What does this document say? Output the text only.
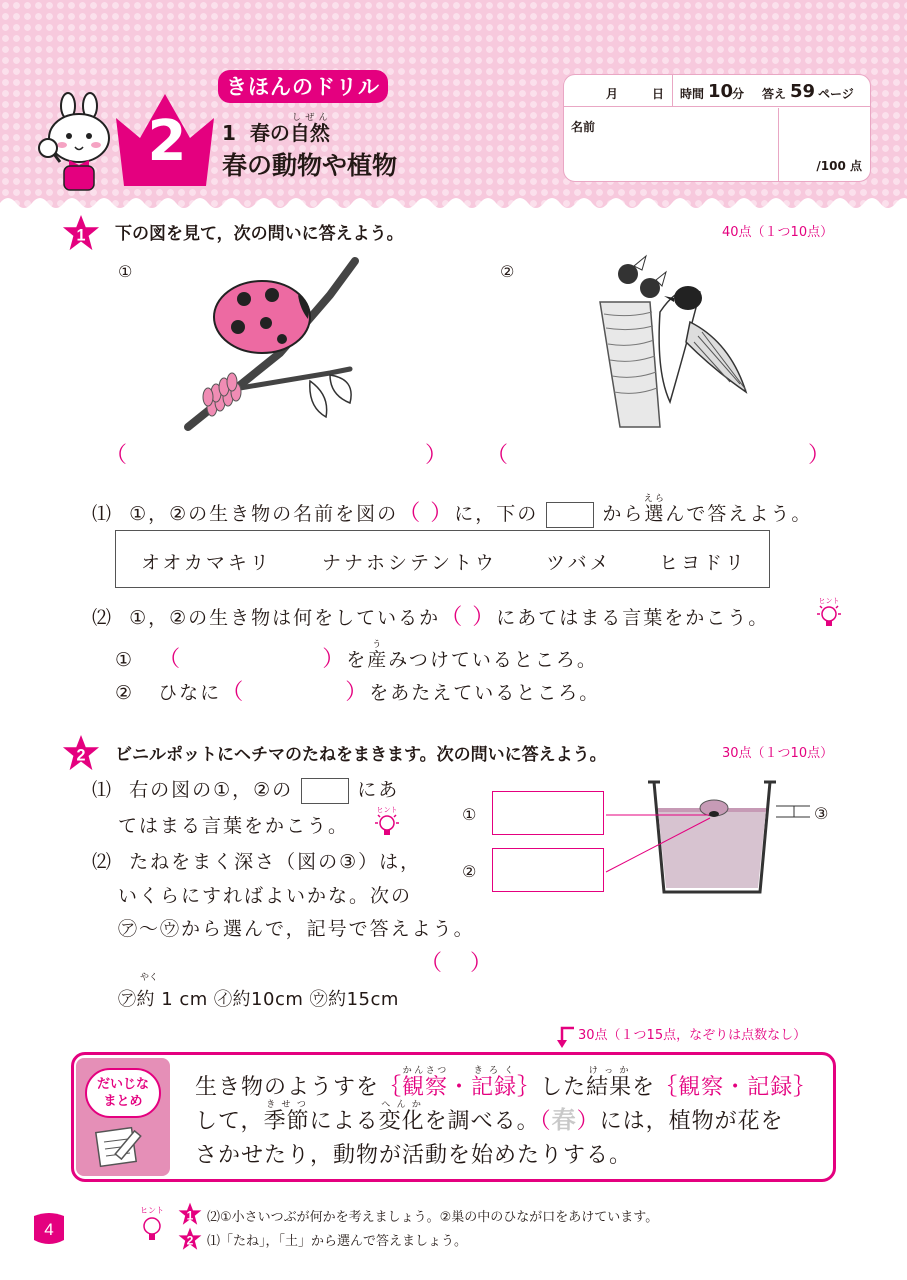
2
きほんのドリル
1 春の自然しぜん
春の動物や植物
月	日 時間 10
分 答え 59 ページ
名前
/100 点
1 下の図を見て，次の問いに答えよう。	40点（１つ10点）
①	②
（	） （	）
⑴ ①，②の生き物の名前を図の（ ）に，下の	から選えらんで答えよう。
オオカマキリ	ナナホシテントウ	ツバメ ヒヨドリ
⑵ ①，②の生き物は何をしているか（ ）にあてはまる言葉をかこう。
ヒント
① （	）を産うみつけているところ。
② ひなに（	）をあたえているところ。
2 ビニルポットにヘチマのたねをまきます。次の問いに答えよう。	30点（１つ10点）
⑴ 右の図の①，②の	にあ
てはまる言葉をかこう。
ヒント
⑵ たねをまく深さ（図の③）は，
いくらにすればよいかな。次の
㋐～㋒から選んで，記号で答えよう。
（ ）
やく
㋐約 1 cm ㋑約10cm ㋒約15cm
①
②
③
30点（１つ15点，なぞりは点数なし）
だいじな
まとめ
生き物のようすを｛観察かんさつ・記録きろく｝した結果けっかを｛観察・記録｝
して，季節きせつによる変化へんかを調べる。（春）には，植物が花を
さかせたり，動物が活動を始めたりする。
4
ヒント 1 ⑵①小さいつぶが何かを考えましょう。②巣の中のひなが口をあけています。
2 ⑴「たね」，「土」から選んで答えましょう。
